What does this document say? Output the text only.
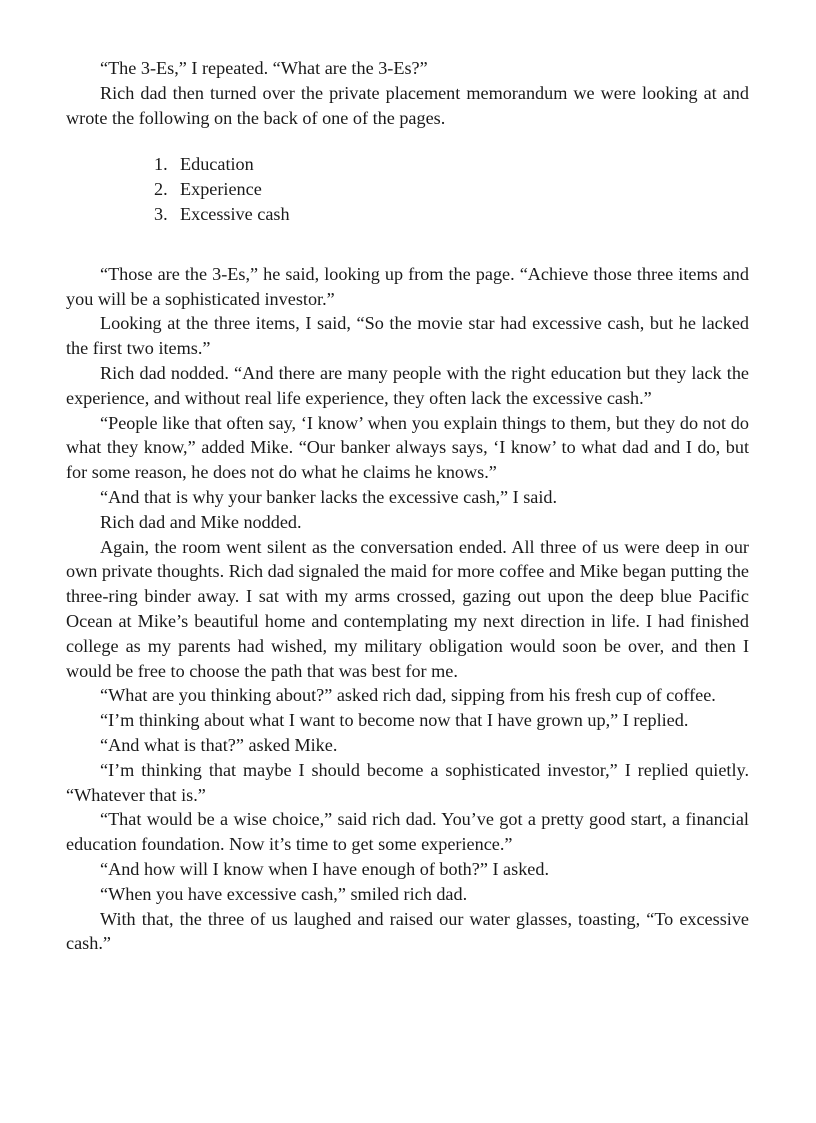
“The 3-Es,” I repeated. “What are the 3-Es?”

Rich dad then turned over the private placement memorandum we were looking at and wrote the following on the back of one of the pages.

1. Education
2. Experience
3. Excessive cash

“Those are the 3-Es,” he said, looking up from the page. “Achieve those three items and you will be a sophisticated investor.”

Looking at the three items, I said, “So the movie star had excessive cash, but he lacked the first two items.”

Rich dad nodded. “And there are many people with the right education but they lack the experience, and without real life experience, they often lack the excessive cash.”

“People like that often say, ‘I know’ when you explain things to them, but they do not do what they know,” added Mike. “Our banker always says, ‘I know’ to what dad and I do, but for some reason, he does not do what he claims he knows.”

“And that is why your banker lacks the excessive cash,” I said.

Rich dad and Mike nodded.

Again, the room went silent as the conversation ended. All three of us were deep in our own private thoughts. Rich dad signaled the maid for more coffee and Mike began putting the three-ring binder away. I sat with my arms crossed, gazing out upon the deep blue Pacific Ocean at Mike’s beautiful home and contemplating my next direction in life. I had finished college as my parents had wished, my military obligation would soon be over, and then I would be free to choose the path that was best for me.

“What are you thinking about?” asked rich dad, sipping from his fresh cup of coffee.

“I’m thinking about what I want to become now that I have grown up,” I replied.

“And what is that?” asked Mike.

“I’m thinking that maybe I should become a sophisticated investor,” I replied quietly. “Whatever that is.”

“That would be a wise choice,” said rich dad. You’ve got a pretty good start, a financial education foundation. Now it’s time to get some experience.”

“And how will I know when I have enough of both?” I asked.

“When you have excessive cash,” smiled rich dad.

With that, the three of us laughed and raised our water glasses, toasting, “To excessive cash.”
